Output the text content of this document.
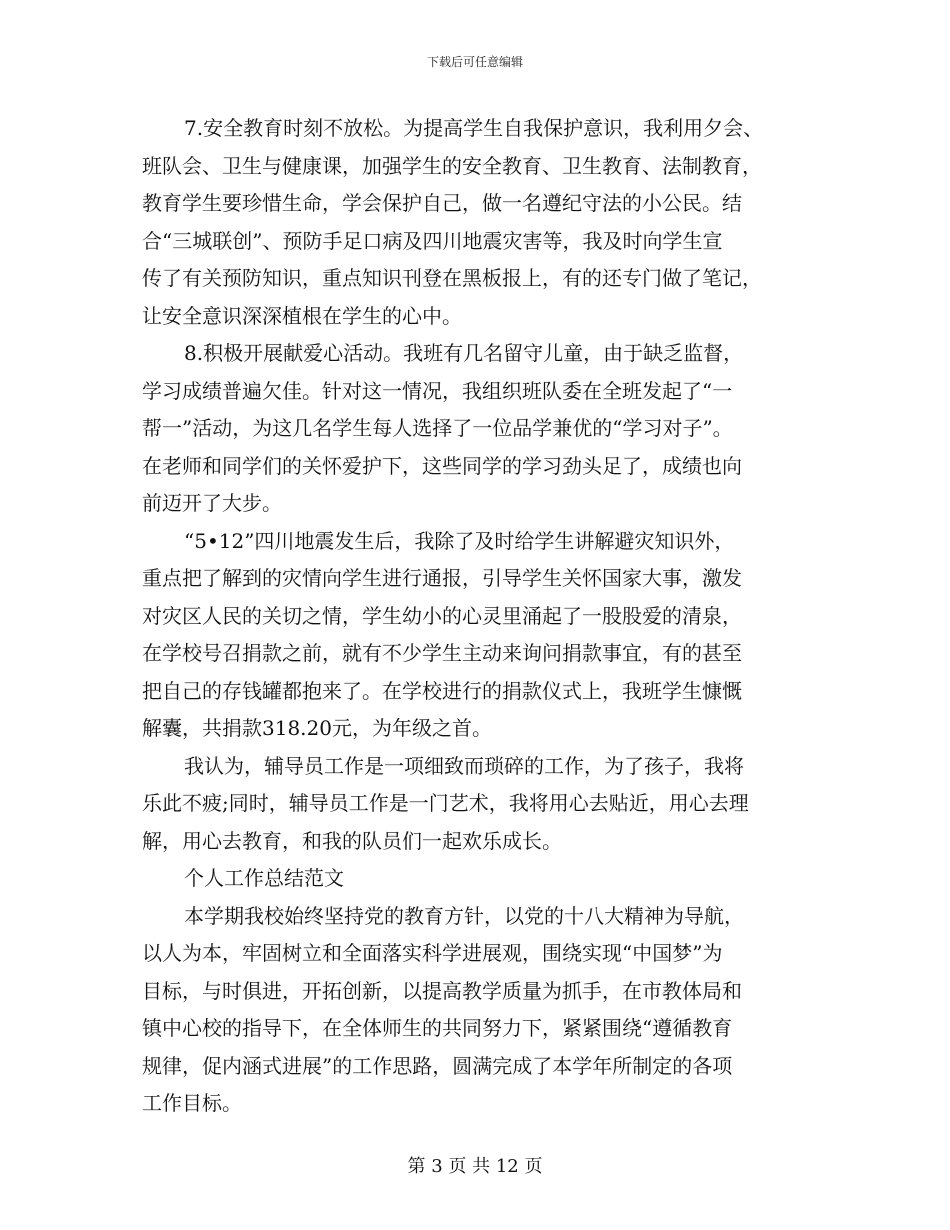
下载后可任意编辑
7.安全教育时刻不放松。为提高学生自我保护意识，我利用夕会、
班队会、卫生与健康课，加强学生的安全教育、卫生教育、法制教育，
教育学生要珍惜生命，学会保护自己，做一名遵纪守法的小公民。结
合“三城联创”、预防手足口病及四川地震灾害等，我及时向学生宣
传了有关预防知识，重点知识刊登在黑板报上，有的还专门做了笔记，
让安全意识深深植根在学生的心中。
8.积极开展献爱心活动。我班有几名留守儿童，由于缺乏监督，
学习成绩普遍欠佳。针对这一情况，我组织班队委在全班发起了“一
帮一”活动，为这几名学生每人选择了一位品学兼优的“学习对子”。
在老师和同学们的关怀爱护下，这些同学的学习劲头足了，成绩也向
前迈开了大步。
“5•12”四川地震发生后，我除了及时给学生讲解避灾知识外，
重点把了解到的灾情向学生进行通报，引导学生关怀国家大事，激发
对灾区人民的关切之情，学生幼小的心灵里涌起了一股股爱的清泉，
在学校号召捐款之前，就有不少学生主动来询问捐款事宜，有的甚至
把自己的存钱罐都抱来了。在学校进行的捐款仪式上，我班学生慷慨
解囊，共捐款318.20元，为年级之首。
我认为，辅导员工作是一项细致而琐碎的工作，为了孩子，我将
乐此不疲;同时，辅导员工作是一门艺术，我将用心去贴近，用心去理
解，用心去教育，和我的队员们一起欢乐成长。
个人工作总结范文
本学期我校始终坚持党的教育方针，以党的十八大精神为导航，
以人为本，牢固树立和全面落实科学进展观，围绕实现“中国梦”为
目标，与时俱进，开拓创新，以提高教学质量为抓手，在市教体局和
镇中心校的指导下，在全体师生的共同努力下，紧紧围绕“遵循教育
规律，促内涵式进展”的工作思路，圆满完成了本学年所制定的各项
工作目标。
第 3 页 共 12 页
